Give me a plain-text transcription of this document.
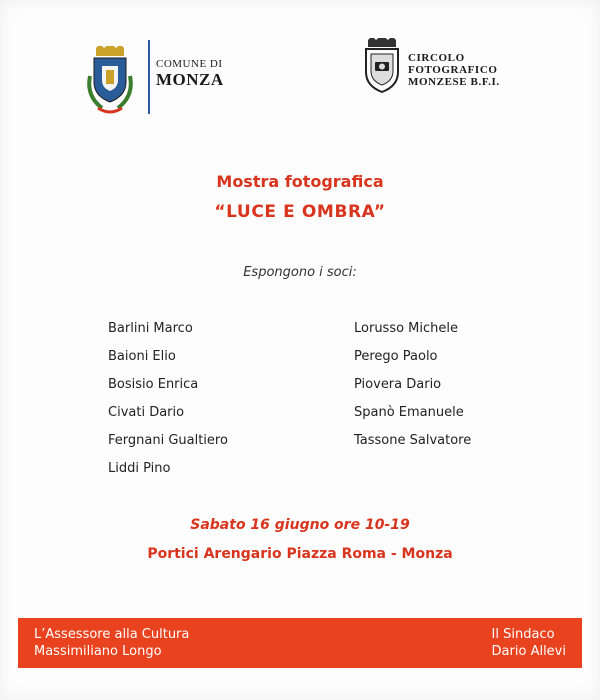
COMUNE DI
MONZA
CIRCOLO
FOTOGRAFICO
MONZESE B.F.I.
Mostra fotografica
“LUCE E OMBRA”
Espongono i soci:
Barlini Marco
Baioni Elio
Bosisio Enrica
Civati Dario
Fergnani Gualtiero
Liddi Pino
Lorusso Michele
Perego Paolo
Piovera Dario
Spanò Emanuele
Tassone Salvatore
Sabato 16 giugno ore 10-19
Portici Arengario Piazza Roma - Monza
L’Assessore alla Cultura
Massimiliano Longo
Il Sindaco
Dario Allevi
